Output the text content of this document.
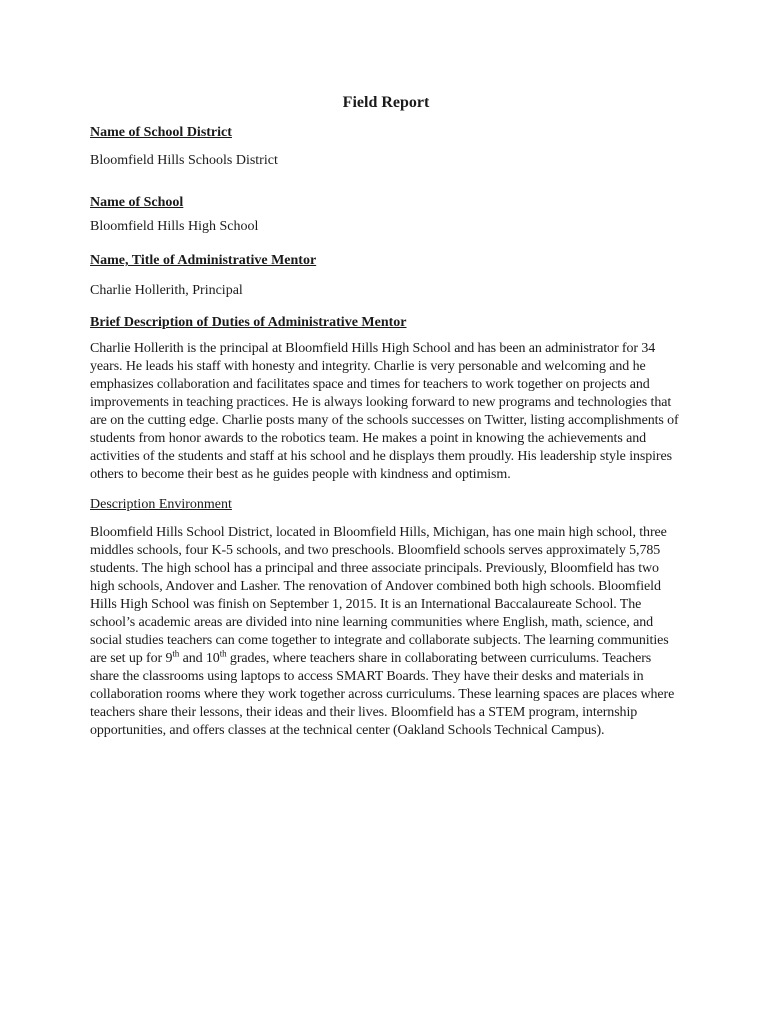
Field Report
Name of School District
Bloomfield Hills Schools District
Name of School
Bloomfield Hills High School
Name, Title of Administrative Mentor
Charlie Hollerith, Principal
Brief Description of Duties of Administrative Mentor

Charlie Hollerith is the principal at Bloomfield Hills High School and has been an administrator for 34 years. He leads his staff with honesty and integrity. Charlie is very personable and welcoming and he emphasizes collaboration and facilitates space and times for teachers to work together on projects and improvements in teaching practices. He is always looking forward to new programs and technologies that are on the cutting edge. Charlie posts many of the schools successes on Twitter, listing accomplishments of students from honor awards to the robotics team. He makes a point in knowing the achievements and activities of the students and staff at his school and he displays them proudly. His leadership style inspires others to become their best as he guides people with kindness and optimism.

Description Environment

Bloomfield Hills School District, located in Bloomfield Hills, Michigan, has one main high school, three middles schools, four K-5 schools, and two preschools. Bloomfield schools serves approximately 5,785 students. The high school has a principal and three associate principals. Previously, Bloomfield has two high schools, Andover and Lasher. The renovation of Andover combined both high schools. Bloomfield Hills High School was finish on September 1, 2015. It is an International Baccalaureate School. The school’s academic areas are divided into nine learning communities where English, math, science, and social studies teachers can come together to integrate and collaborate subjects. The learning communities are set up for 9th and 10th grades, where teachers share in collaborating between curriculums. Teachers share the classrooms using laptops to access SMART Boards. They have their desks and materials in collaboration rooms where they work together across curriculums. These learning spaces are places where teachers share their lessons, their ideas and their lives. Bloomfield has a STEM program, internship opportunities, and offers classes at the technical center (Oakland Schools Technical Campus).
